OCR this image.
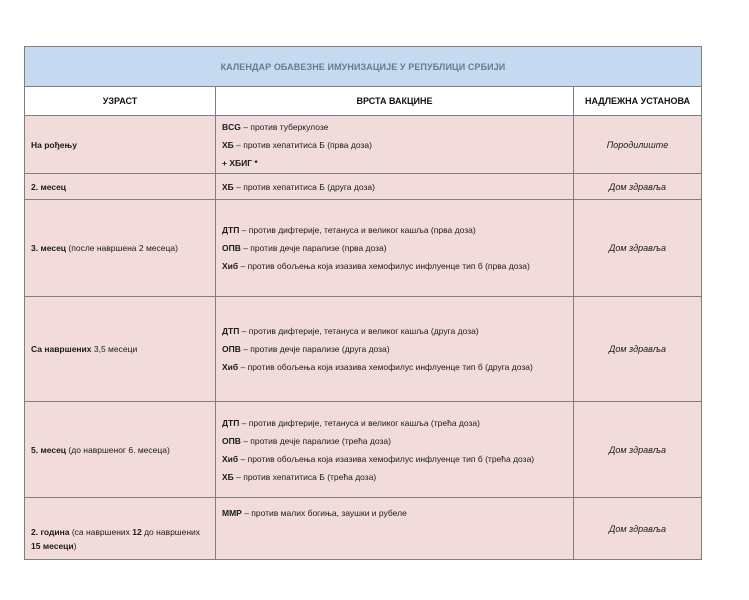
КАЛЕНДАР ОБАВЕЗНЕ ИМУНИЗАЦИЈЕ У РЕПУБЛИЦИ СРБИЈИ		
УЗРАСТ	ВРСТА ВАКЦИНЕ	НАДЛЕЖНА УСТАНОВА
На рођењу	BCG – против туберкулозе
ХБ – против хепатитиса Б (прва доза)
+ ХБИГ *	Породилиште
2. месец	ХБ – против хепатитиса Б (друга доза)	Дом здравља
3. месец (после навршена 2 месеца)	ДТП – против дифтерије, тетануса и великог кашља (прва доза)
ОПВ – против дечје парализе (прва доза)
Хиб – против обољења која изазива хемофилус инфлуенце тип б (прва доза)	Дом здравља
Са навршених 3,5 месеци	ДТП – против дифтерије, тетануса и великог кашља (друга доза)
ОПВ – против дечје парализе (друга доза)
Хиб – против обољења која изазива хемофилус инфлуенце тип б (друга доза)	Дом здравља
5. месец (до навршеног 6. месеца)	ДТП – против дифтерије, тетануса и великог кашља (трећа доза)
ОПВ – против дечје парализе (трећа доза)
Хиб – против обољења која изазива хемофилус инфлуенце тип б (трећа доза)
ХБ – против хепатитиса Б (трећа доза)	Дом здравља
2. година (са навршених 12 до навршених 15 месеци)	ММР – против малих богиња, заушки и рубеле	Дом здравља
